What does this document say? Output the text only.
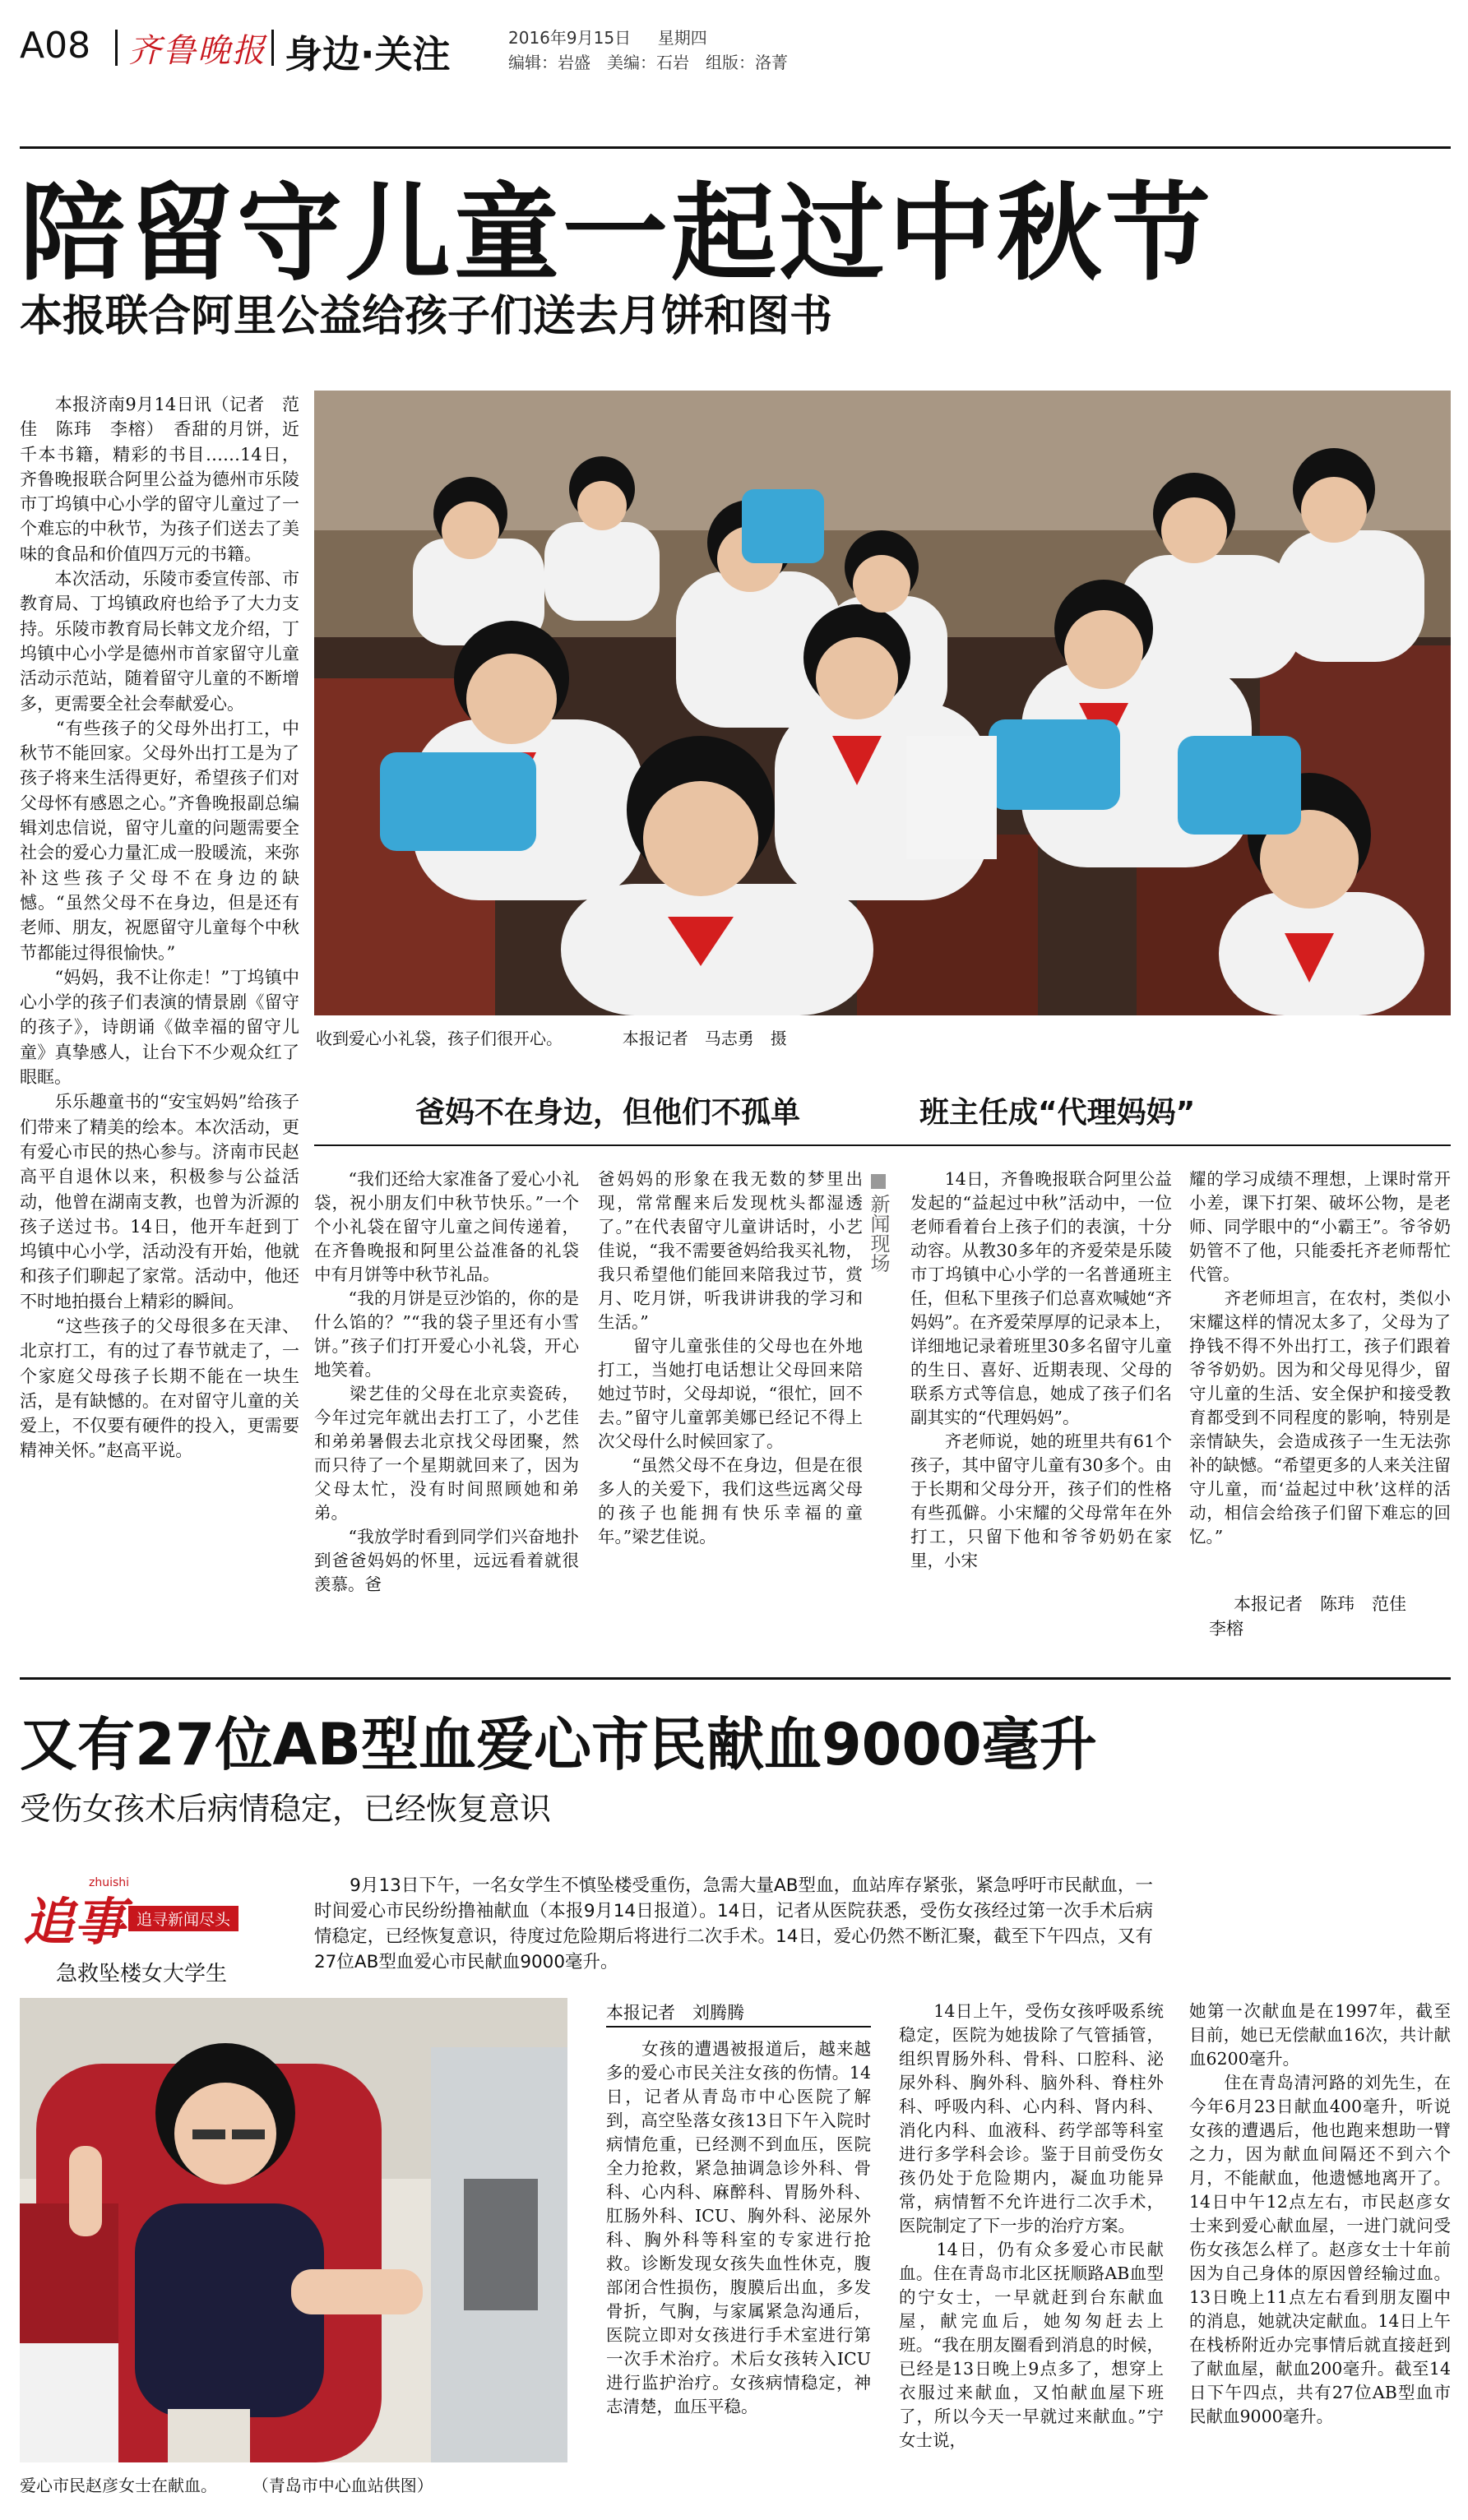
A08 齐鲁晚报 身边·关注	2016年9月15日 星期四
编辑：岩盛　美编：石岩　组版：洛菁
陪留守儿童一起过中秋节
本报联合阿里公益给孩子们送去月饼和图书
　　本报济南9月14日讯（记者　范佳　陈玮　李榕）　香甜的月饼，近千本书籍，精彩的书目……14日，齐鲁晚报联合阿里公益为德州市乐陵市丁坞镇中心小学的留守儿童过了一个难忘的中秋节，为孩子们送去了美味的食品和价值四万元的书籍。
　　本次活动，乐陵市委宣传部、市教育局、丁坞镇政府也给予了大力支持。乐陵市教育局长韩文龙介绍，丁坞镇中心小学是德州市首家留守儿童活动示范站，随着留守儿童的不断增多，更需要全社会奉献爱心。
　　“有些孩子的父母外出打工，中秋节不能回家。父母外出打工是为了孩子将来生活得更好，希望孩子们对父母怀有感恩之心。”齐鲁晚报副总编辑刘忠信说，留守儿童的问题需要全社会的爱心力量汇成一股暖流，来弥补这些孩子父母不在身边的缺憾。“虽然父母不在身边，但是还有老师、朋友，祝愿留守儿童每个中秋节都能过得很愉快。”
　　“妈妈，我不让你走！”丁坞镇中心小学的孩子们表演的情景剧《留守的孩子》，诗朗诵《做幸福的留守儿童》真挚感人，让台下不少观众红了眼眶。
　　乐乐趣童书的“安宝妈妈”给孩子们带来了精美的绘本。本次活动，更有爱心市民的热心参与。济南市民赵高平自退休以来，积极参与公益活动，他曾在湖南支教，也曾为沂源的孩子送过书。14日，他开车赶到丁坞镇中心小学，活动没有开始，他就和孩子们聊起了家常。活动中，他还不时地拍摄台上精彩的瞬间。
　　“这些孩子的父母很多在天津、北京打工，有的过了春节就走了，一个家庭父母孩子长期不能在一块生活，是有缺憾的。在对留守儿童的关爱上，不仅要有硬件的投入，更需要精神关怀。”赵高平说。
收到爱心小礼袋，孩子们很开心。	本报记者　马志勇　摄
爸妈不在身边，但他们不孤单	班主任成“代理妈妈”
　　“我们还给大家准备了爱心小礼袋，祝小朋友们中秋节快乐。”一个个小礼袋在留守儿童之间传递着，在齐鲁晚报和阿里公益准备的礼袋中有月饼等中秋节礼品。
　　“我的月饼是豆沙馅的，你的是什么馅的？”“我的袋子里还有小雪饼。”孩子们打开爱心小礼袋，开心地笑着。
　　梁艺佳的父母在北京卖瓷砖，今年过完年就出去打工了，小艺佳和弟弟暑假去北京找父母团聚，然而只待了一个星期就回来了，因为父母太忙，没有时间照顾她和弟弟。
　　“我放学时看到同学们兴奋地扑到爸爸妈妈的怀里，远远看着就很羡慕。爸
爸妈妈的形象在我无数的梦里出现，常常醒来后发现枕头都湿透了。”在代表留守儿童讲话时，小艺佳说，“我不需要爸妈给我买礼物，我只希望他们能回来陪我过节，赏月、吃月饼，听我讲讲我的学习和生活。”
　　留守儿童张佳的父母也在外地打工，当她打电话想让父母回来陪她过节时，父母却说，“很忙，回不去。”留守儿童郭美娜已经记不得上次父母什么时候回家了。
　　“虽然父母不在身边，但是在很多人的关爱下，我们这些远离父母的孩子也能拥有快乐幸福的童年。”梁艺佳说。
新闻现场
　　14日，齐鲁晚报联合阿里公益发起的“益起过中秋”活动中，一位老师看着台上孩子们的表演，十分动容。从教30多年的齐爱荣是乐陵市丁坞镇中心小学的一名普通班主任，但私下里孩子们总喜欢喊她“齐妈妈”。在齐爱荣厚厚的记录本上，详细地记录着班里30多名留守儿童的生日、喜好、近期表现、父母的联系方式等信息，她成了孩子们名副其实的“代理妈妈”。
　　齐老师说，她的班里共有61个孩子，其中留守儿童有30多个。由于长期和父母分开，孩子们的性格有些孤僻。小宋耀的父母常年在外打工，只留下他和爷爷奶奶在家里，小宋
耀的学习成绩不理想，上课时常开小差，课下打架、破坏公物，是老师、同学眼中的“小霸王”。爷爷奶奶管不了他，只能委托齐老师帮忙代管。
　　齐老师坦言，在农村，类似小宋耀这样的情况太多了，父母为了挣钱不得不外出打工，孩子们跟着爷爷奶奶。因为和父母见得少，留守儿童的生活、安全保护和接受教育都受到不同程度的影响，特别是亲情缺失，会造成孩子一生无法弥补的缺憾。“希望更多的人来关注留守儿童，而‘益起过中秋’这样的活动，相信会给孩子们留下难忘的回忆。”
本报记者　陈玮　范佳
李榕
又有27位AB型血爱心市民献血9000毫升
受伤女孩术后病情稳定，已经恢复意识
追事
zhuishi
追寻新闻尽头
急救坠楼女大学生
　　9月13日下午，一名女学生不慎坠楼受重伤，急需大量AB型血，血站库存紧张，紧急呼吁市民献血，一时间爱心市民纷纷撸袖献血（本报9月14日报道）。14日，记者从医院获悉，受伤女孩经过第一次手术后病情稳定，已经恢复意识，待度过危险期后将进行二次手术。14日，爱心仍然不断汇聚，截至下午四点，又有27位AB型血爱心市民献血9000毫升。
爱心市民赵彦女士在献血。 （青岛市中心血站供图）
本报记者　刘腾腾
　　女孩的遭遇被报道后，越来越多的爱心市民关注女孩的伤情。14日，记者从青岛市中心医院了解到，高空坠落女孩13日下午入院时病情危重，已经测不到血压，医院全力抢救，紧急抽调急诊外科、骨科、心内科、麻醉科、胃肠外科、肛肠外科、ICU、胸外科、泌尿外科、胸外科等科室的专家进行抢救。诊断发现女孩失血性休克，腹部闭合性损伤，腹膜后出血，多发骨折，气胸，与家属紧急沟通后，医院立即对女孩进行手术室进行第一次手术治疗。术后女孩转入ICU进行监护治疗。女孩病情稳定，神志清楚，血压平稳。
　　14日上午，受伤女孩呼吸系统稳定，医院为她拔除了气管插管，组织胃肠外科、骨科、口腔科、泌尿外科、胸外科、脑外科、脊柱外科、呼吸内科、心内科、肾内科、消化内科、血液科、药学部等科室进行多学科会诊。鉴于目前受伤女孩仍处于危险期内，凝血功能异常，病情暂不允许进行二次手术，医院制定了下一步的治疗方案。
　　14日，仍有众多爱心市民献血。住在青岛市北区抚顺路AB血型的宁女士，一早就赶到台东献血屋，献完血后，她匆匆赶去上班。“我在朋友圈看到消息的时候，已经是13日晚上9点多了，想穿上衣服过来献血，又怕献血屋下班了，所以今天一早就过来献血。”宁女士说，
她第一次献血是在1997年，截至目前，她已无偿献血16次，共计献血6200毫升。
　　住在青岛清河路的刘先生，在今年6月23日献血400毫升，听说女孩的遭遇后，他也跑来想助一臂之力，因为献血间隔还不到六个月，不能献血，他遗憾地离开了。14日中午12点左右，市民赵彦女士来到爱心献血屋，一进门就问受伤女孩怎么样了。赵彦女士十年前因为自己身体的原因曾经输过血。13日晚上11点左右看到朋友圈中的消息，她就决定献血。14日上午在栈桥附近办完事情后就直接赶到了献血屋，献血200毫升。截至14日下午四点，共有27位AB型血市民献血9000毫升。
